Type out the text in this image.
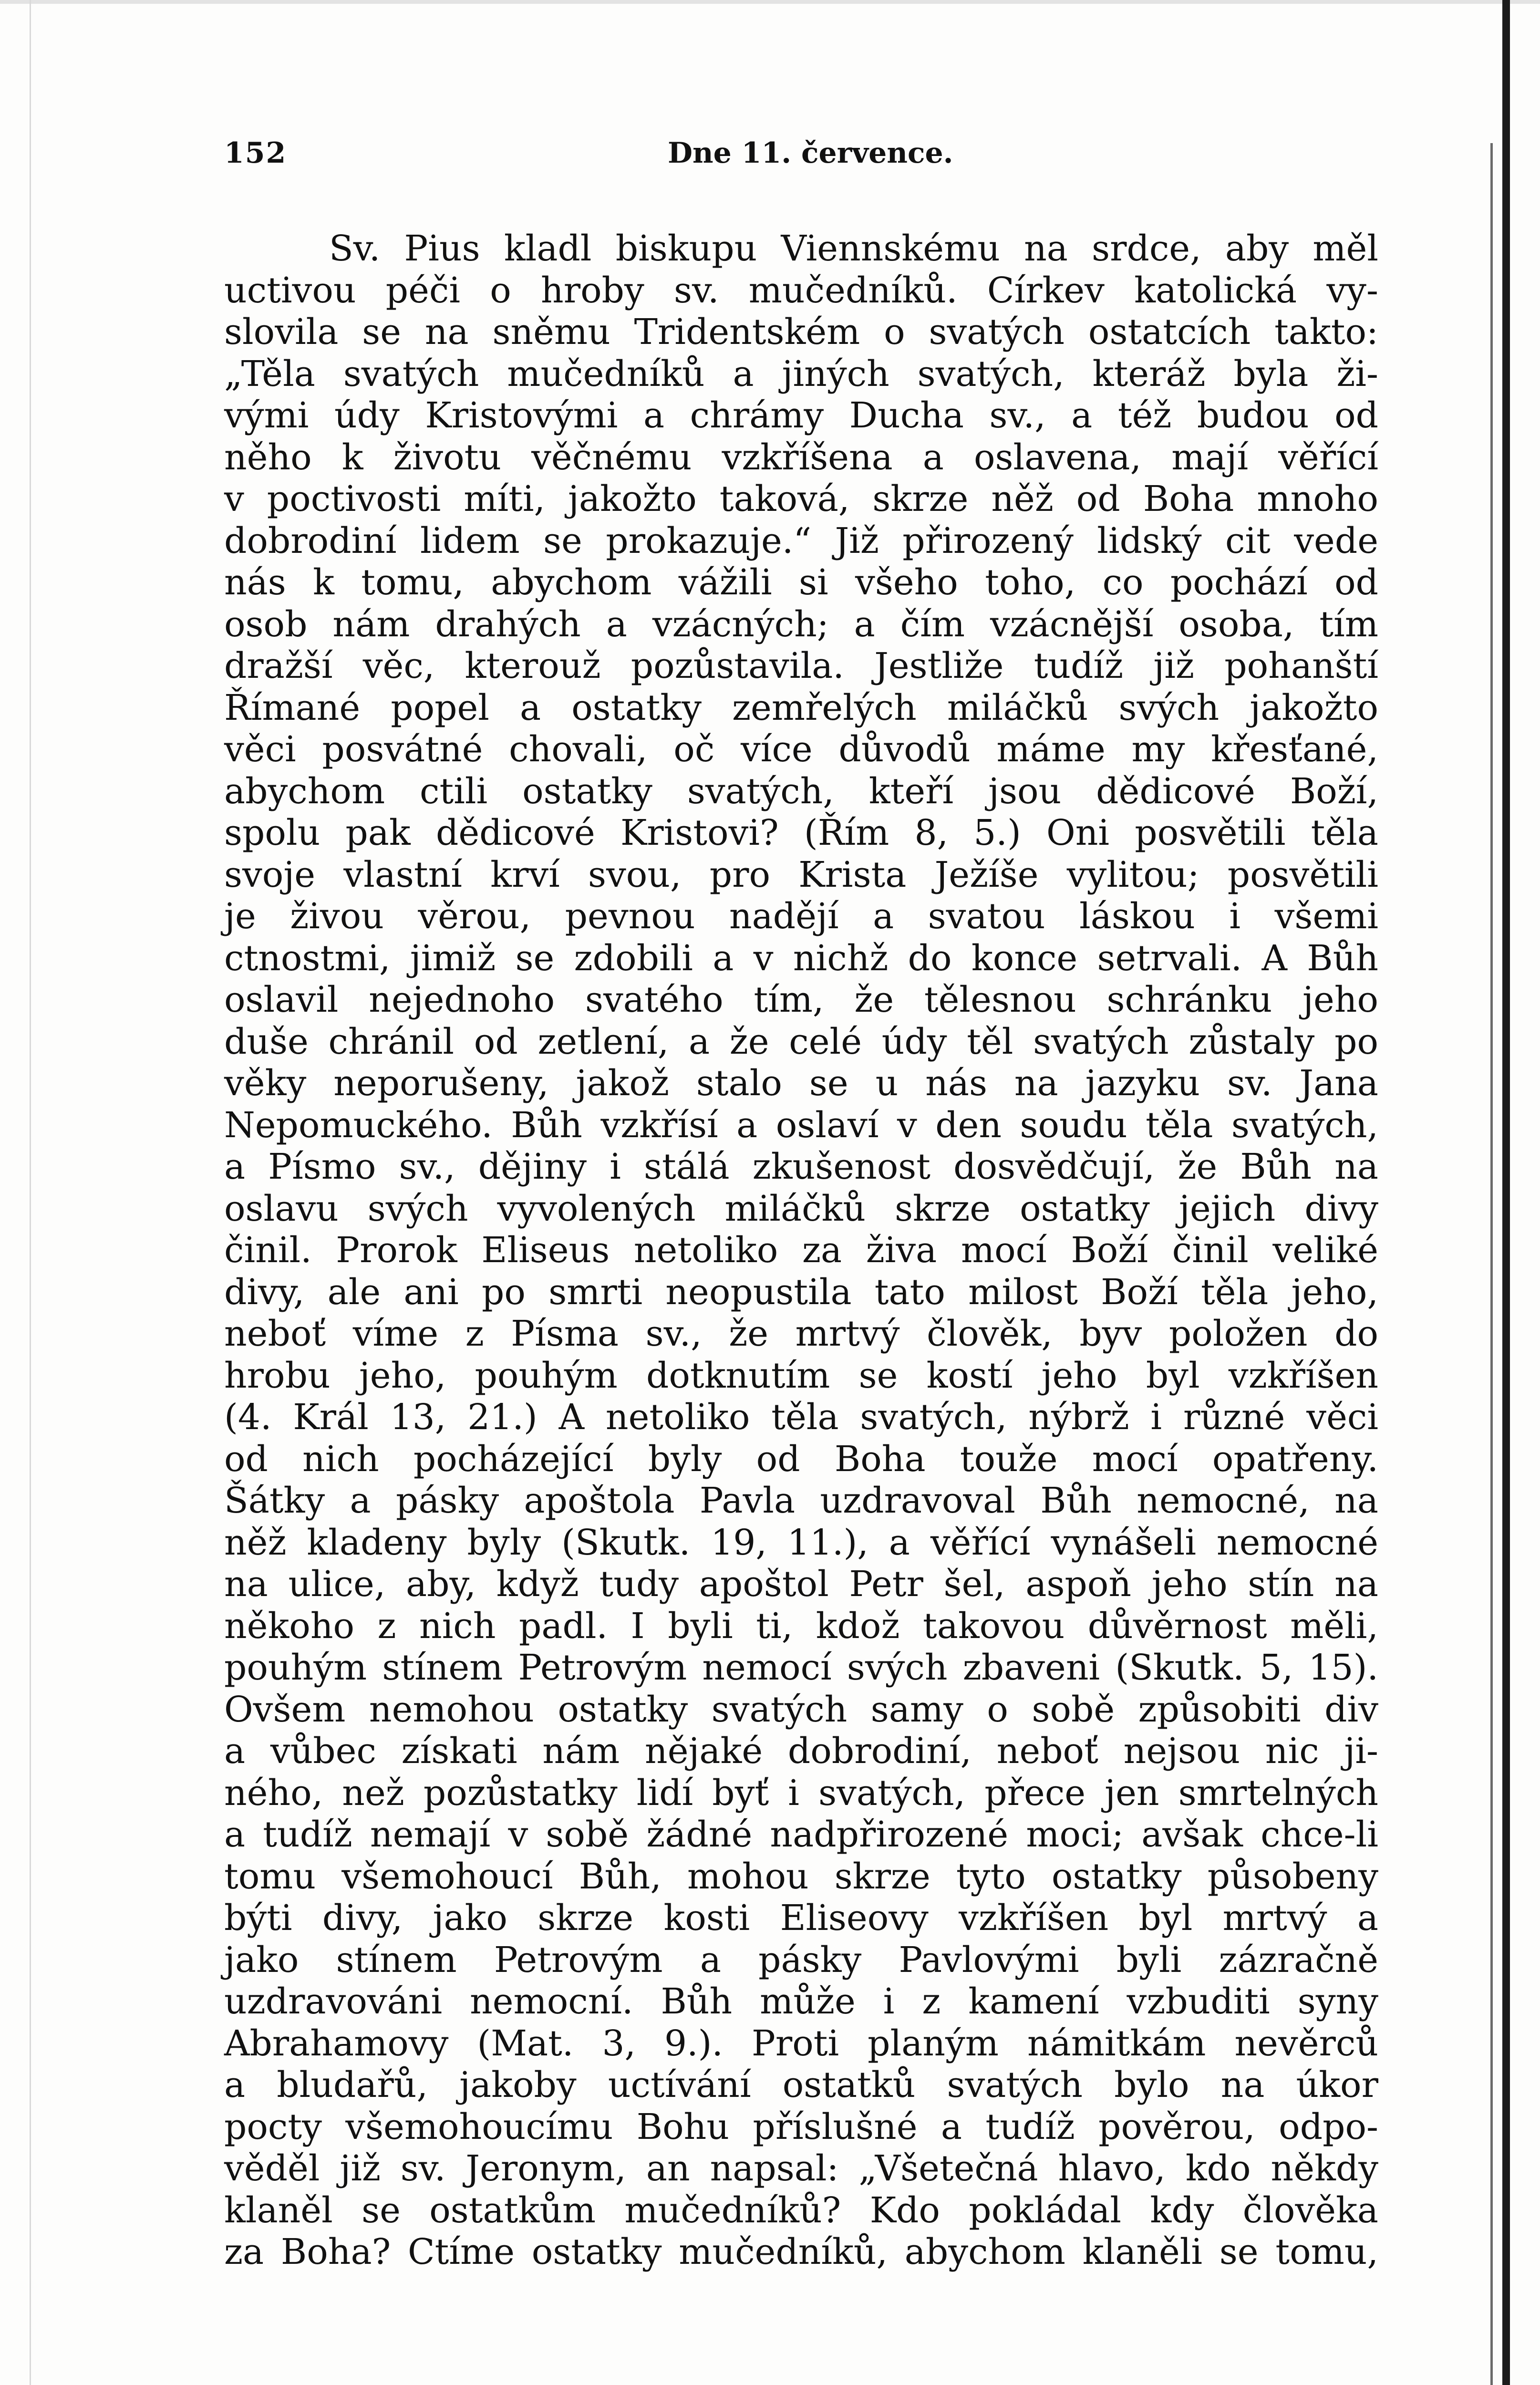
152	Dne 11. července.
Sv. Pius kladl biskupu Viennskému na srdce, aby měl
uctivou péči o hroby sv. mučedníků. Církev katolická vy-
slovila se na sněmu Tridentském o svatých ostatcích takto:
„Těla svatých mučedníků a jiných svatých, kteráž byla ži-
vými údy Kristovými a chrámy Ducha sv., a též budou od
něho k životu věčnému vzkříšena a oslavena, mají věřící
v poctivosti míti, jakožto taková, skrze něž od Boha mnoho
dobrodiní lidem se prokazuje.“ Již přirozený lidský cit vede
nás k tomu, abychom vážili si všeho toho, co pochází od
osob nám drahých a vzácných; a čím vzácnější osoba, tím
dražší věc, kterouž pozůstavila. Jestliže tudíž již pohanští
Římané popel a ostatky zemřelých miláčků svých jakožto
věci posvátné chovali, oč více důvodů máme my křesťané,
abychom ctili ostatky svatých, kteří jsou dědicové Boží,
spolu pak dědicové Kristovi? (Řím 8, 5.) Oni posvětili těla
svoje vlastní krví svou, pro Krista Ježíše vylitou; posvětili
je živou věrou, pevnou nadějí a svatou láskou i všemi
ctnostmi, jimiž se zdobili a v nichž do konce setrvali. A Bůh
oslavil nejednoho svatého tím, že tělesnou schránku jeho
duše chránil od zetlení, a že celé údy těl svatých zůstaly po
věky neporušeny, jakož stalo se u nás na jazyku sv. Jana
Nepomuckého. Bůh vzkřísí a oslaví v den soudu těla svatých,
a Písmo sv., dějiny i stálá zkušenost dosvědčují, že Bůh na
oslavu svých vyvolených miláčků skrze ostatky jejich divy
činil. Prorok Eliseus netoliko za živa mocí Boží činil veliké
divy, ale ani po smrti neopustila tato milost Boží těla jeho,
neboť víme z Písma sv., že mrtvý člověk, byv položen do
hrobu jeho, pouhým dotknutím se kostí jeho byl vzkříšen
(4. Král 13, 21.) A netoliko těla svatých, nýbrž i různé věci
od nich pocházející byly od Boha touže mocí opatřeny.
Šátky a pásky apoštola Pavla uzdravoval Bůh nemocné, na
něž kladeny byly (Skutk. 19, 11.), a věřící vynášeli nemocné
na ulice, aby, když tudy apoštol Petr šel, aspoň jeho stín na
někoho z nich padl. I byli ti, kdož takovou důvěrnost měli,
pouhým stínem Petrovým nemocí svých zbaveni (Skutk. 5, 15).
Ovšem nemohou ostatky svatých samy o sobě způsobiti div
a vůbec získati nám nějaké dobrodiní, neboť nejsou nic ji-
ného, než pozůstatky lidí byť i svatých, přece jen smrtelných
a tudíž nemají v sobě žádné nadpřirozené moci; avšak chce-li
tomu všemohoucí Bůh, mohou skrze tyto ostatky působeny
býti divy, jako skrze kosti Eliseovy vzkříšen byl mrtvý a
jako stínem Petrovým a pásky Pavlovými byli zázračně
uzdravováni nemocní. Bůh může i z kamení vzbuditi syny
Abrahamovy (Mat. 3, 9.). Proti planým námitkám nevěrců
a bludařů, jakoby uctívání ostatků svatých bylo na úkor
pocty všemohoucímu Bohu příslušné a tudíž pověrou, odpo-
věděl již sv. Jeronym, an napsal: „Všetečná hlavo, kdo někdy
klaněl se ostatkům mučedníků? Kdo pokládal kdy člověka
za Boha? Ctíme ostatky mučedníků, abychom klaněli se tomu,
